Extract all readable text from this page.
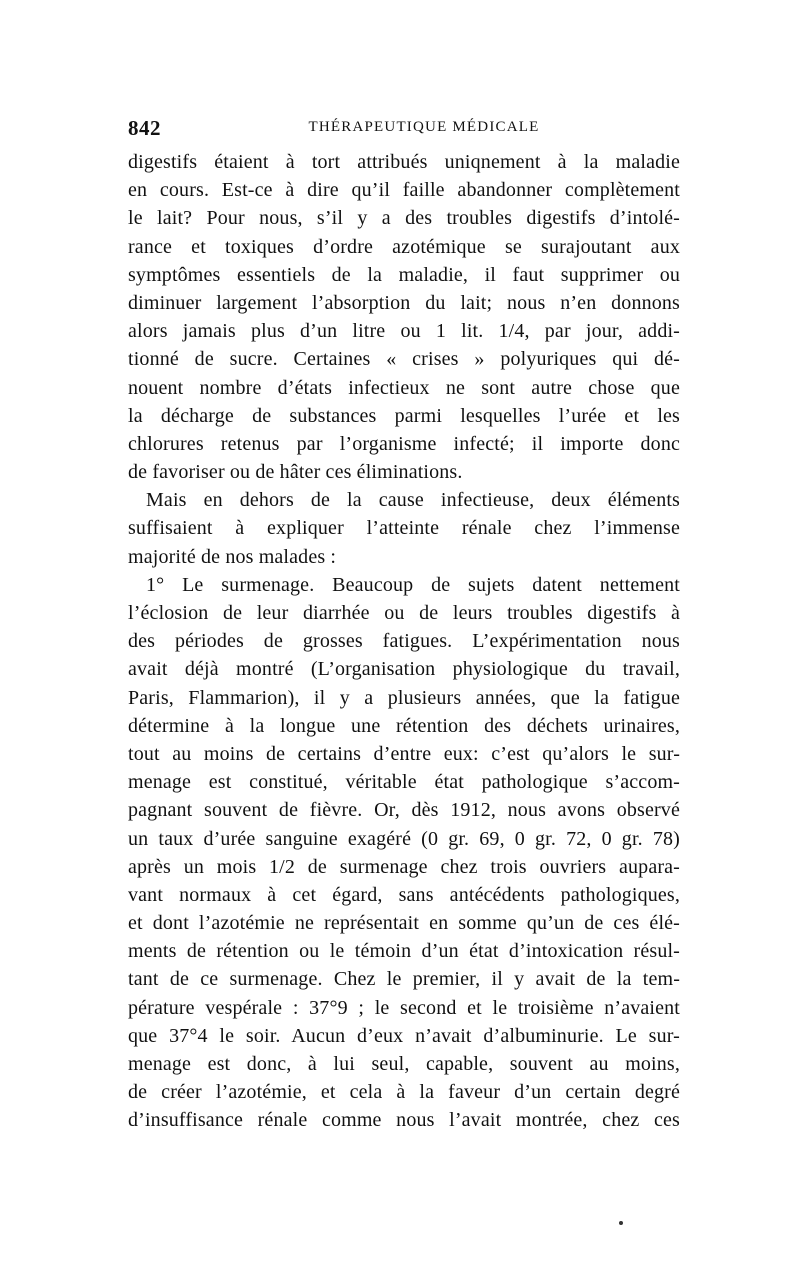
842	THÉRAPEUTIQUE MÉDICALE
digestifs étaient à tort attribués uniqnement à la maladie
en cours. Est-ce à dire qu’il faille abandonner complètement
le lait? Pour nous, s’il y a des troubles digestifs d’intolé-
rance et toxiques d’ordre azotémique se surajoutant aux
symptômes essentiels de la maladie, il faut supprimer ou
diminuer largement l’absorption du lait; nous n’en donnons
alors jamais plus d’un litre ou 1 lit. 1/4, par jour, addi-
tionné de sucre. Certaines « crises » polyuriques qui dé-
nouent nombre d’états infectieux ne sont autre chose que
la décharge de substances parmi lesquelles l’urée et les
chlorures retenus par l’organisme infecté; il importe donc
de favoriser ou de hâter ces éliminations.
Mais en dehors de la cause infectieuse, deux éléments
suffisaient à expliquer l’atteinte rénale chez l’immense
majorité de nos malades :
1° Le surmenage. Beaucoup de sujets datent nettement
l’éclosion de leur diarrhée ou de leurs troubles digestifs à
des périodes de grosses fatigues. L’expérimentation nous
avait déjà montré (L’organisation physiologique du travail,
Paris, Flammarion), il y a plusieurs années, que la fatigue
détermine à la longue une rétention des déchets urinaires,
tout au moins de certains d’entre eux: c’est qu’alors le sur-
menage est constitué, véritable état pathologique s’accom-
pagnant souvent de fièvre. Or, dès 1912, nous avons observé
un taux d’urée sanguine exagéré (0 gr. 69, 0 gr. 72, 0 gr. 78)
après un mois 1/2 de surmenage chez trois ouvriers aupara-
vant normaux à cet égard, sans antécédents pathologiques,
et dont l’azotémie ne représentait en somme qu’un de ces élé-
ments de rétention ou le témoin d’un état d’intoxication résul-
tant de ce surmenage. Chez le premier, il y avait de la tem-
pérature vespérale : 37°9 ; le second et le troisième n’avaient
que 37°4 le soir. Aucun d’eux n’avait d’albuminurie. Le sur-
menage est donc, à lui seul, capable, souvent au moins,
de créer l’azotémie, et cela à la faveur d’un certain degré
d’insuffisance rénale comme nous l’avait montrée, chez ces
